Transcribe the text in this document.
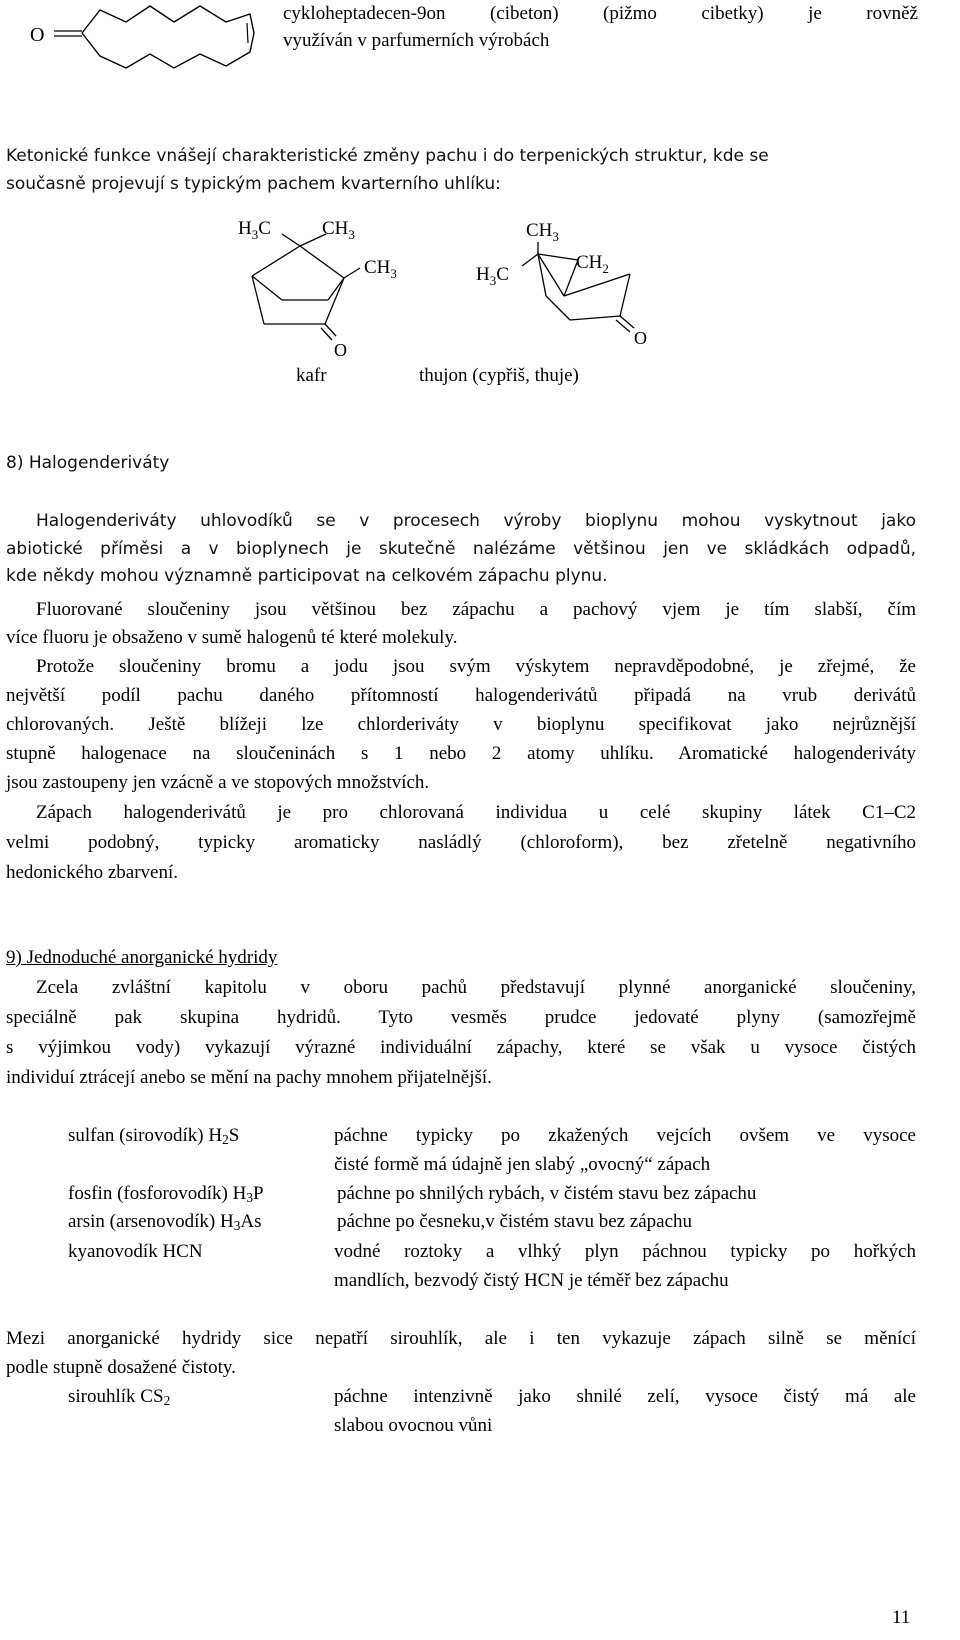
O
cykloheptadecen-9on (cibeton) (pižmo cibetky) je rovněž
využíván v parfumerních výrobách
Ketonické funkce vnášejí charakteristické změny pachu i do terpenických struktur, kde se
současně projevují s typickým pachem kvarterního uhlíku:
$H_3C$	$CH_3$
$CH_3$
O
$CH_3$
$CH_2$
$H_3C$
O
kafr	thujon (cypřiš, thuje)
8) Halogenderiváty
Halogenderiváty uhlovodíků se v procesech výroby bioplynu mohou vyskytnout jako
abiotické příměsi a v bioplynech je skutečně nalézáme většinou jen ve skládkách odpadů,
kde někdy mohou významně participovat na celkovém zápachu plynu.
Fluorované sloučeniny jsou většinou bez zápachu a pachový vjem je tím slabší, čím
více fluoru je obsaženo v sumě halogenů té které molekuly.
Protože sloučeniny bromu a jodu jsou svým výskytem nepravděpodobné, je zřejmé, že
největší podíl pachu daného přítomností halogenderivátů připadá na vrub derivátů
chlorovaných. Ještě blížeji lze chlorderiváty v bioplynu specifikovat jako nejrůznější
stupně halogenace na sloučeninách s 1 nebo 2 atomy uhlíku. Aromatické halogenderiváty
jsou zastoupeny jen vzácně a ve stopových množstvích.
Zápach halogenderivátů je pro chlorovaná individua u celé skupiny látek C1–C2
velmi podobný, typicky aromaticky nasládlý (chloroform), bez zřetelně negativního
hedonického zbarvení.
9) Jednoduché anorganické hydridy
Zcela zvláštní kapitolu v oboru pachů představují plynné anorganické sloučeniny,
speciálně pak skupina hydridů. Tyto vesměs prudce jedovaté plyny (samozřejmě
s výjimkou vody) vykazují výrazné individuální zápachy, které se však u vysoce čistých
individuí ztrácejí anebo se mění na pachy mnohem přijatelnější.
sulfan (sirovodík) $H_2S$	páchne typicky po zkažených vejcích ovšem ve vysoce
čisté formě má údajně jen slabý „ovocný“ zápach
fosfin (fosforovodík) $H_3P$	páchne po shnilých rybách, v čistém stavu bez zápachu
arsin (arsenovodík) $H_3As$	páchne po česneku,v čistém stavu bez zápachu
kyanovodík HCN	vodné roztoky a vlhký plyn páchnou typicky po hořkých
mandlích, bezvodý čistý HCN je téměř bez zápachu
Mezi anorganické hydridy sice nepatří sirouhlík, ale i ten vykazuje zápach silně se měnící
podle stupně dosažené čistoty.
sirouhlík $CS_2$	páchne intenzivně jako shnilé zelí, vysoce čistý má ale
slabou ovocnou vůni
11
